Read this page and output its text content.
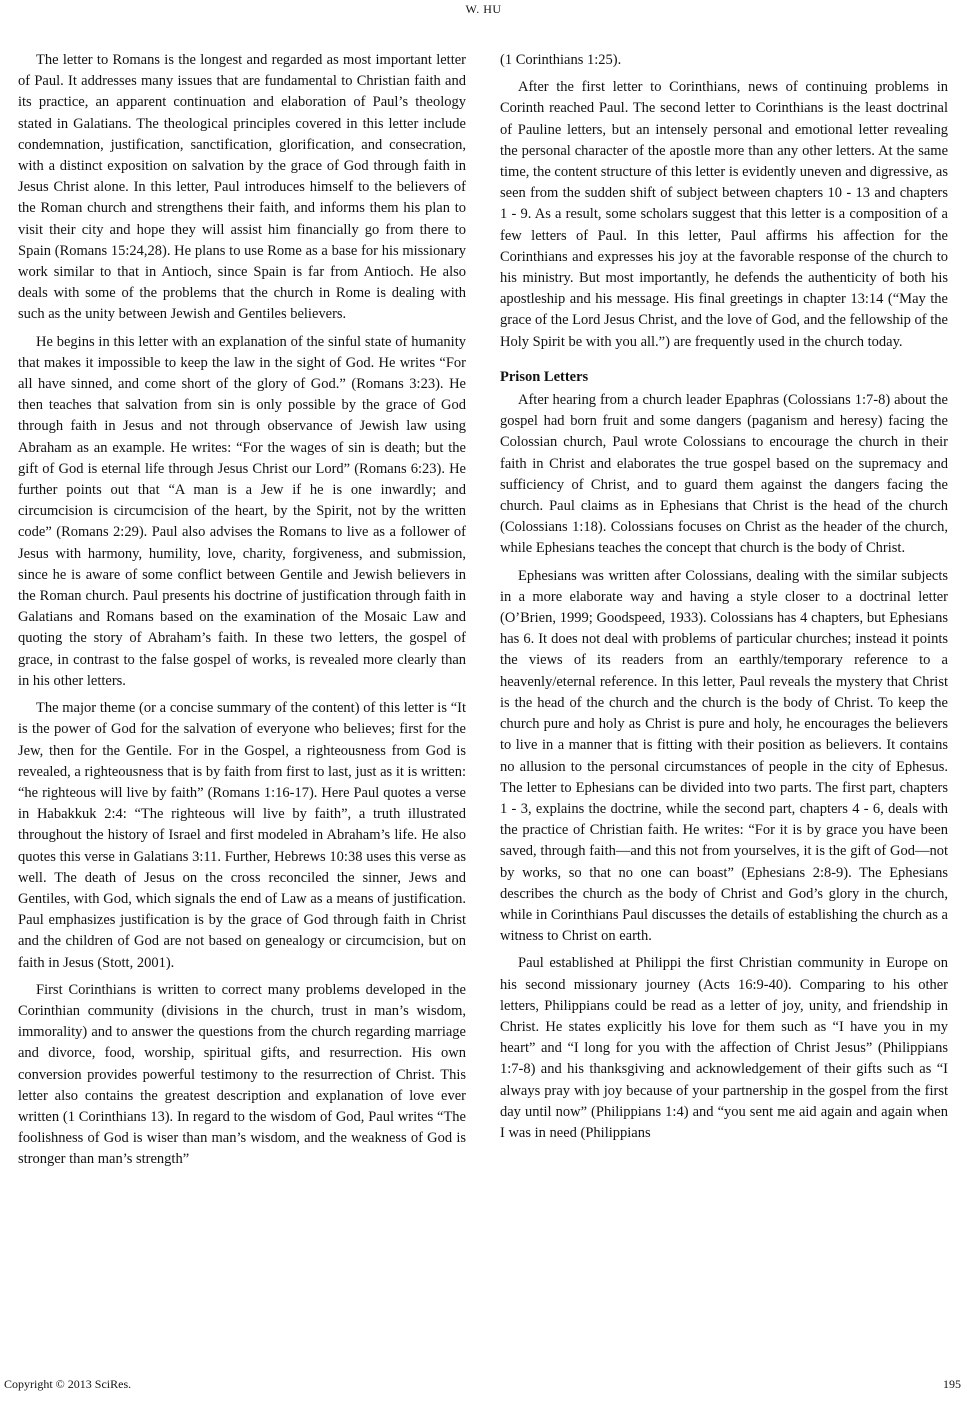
W. HU

The letter to Romans is the longest and regarded as most important letter of Paul. It addresses many issues that are fundamental to Christian faith and its practice, an apparent continuation and elaboration of Paul’s theology stated in Galatians. The theological principles covered in this letter include condemnation, justification, sanctification, glorification, and consecration, with a distinct exposition on salvation by the grace of God through faith in Jesus Christ alone. In this letter, Paul introduces himself to the believers of the Roman church and strengthens their faith, and informs them his plan to visit their city and hope they will assist him financially go from there to Spain (Romans 15:24,28). He plans to use Rome as a base for his missionary work similar to that in Antioch, since Spain is far from Antioch. He also deals with some of the problems that the church in Rome is dealing with such as the unity between Jewish and Gentiles believers.

He begins in this letter with an explanation of the sinful state of humanity that makes it impossible to keep the law in the sight of God. He writes “For all have sinned, and come short of the glory of God.” (Romans 3:23). He then teaches that salvation from sin is only possible by the grace of God through faith in Jesus and not through observance of Jewish law using Abraham as an example. He writes: “For the wages of sin is death; but the gift of God is eternal life through Jesus Christ our Lord” (Romans 6:23). He further points out that “A man is a Jew if he is one inwardly; and circumcision is circumcision of the heart, by the Spirit, not by the written code” (Romans 2:29). Paul also advises the Romans to live as a follower of Jesus with harmony, humility, love, charity, forgiveness, and submission, since he is aware of some conflict between Gentile and Jewish believers in the Roman church. Paul presents his doctrine of justification through faith in Galatians and Romans based on the examination of the Mosaic Law and quoting the story of Abraham’s faith. In these two letters, the gospel of grace, in contrast to the false gospel of works, is revealed more clearly than in his other letters.

The major theme (or a concise summary of the content) of this letter is “It is the power of God for the salvation of everyone who believes; first for the Jew, then for the Gentile. For in the Gospel, a righteousness from God is revealed, a righteousness that is by faith from first to last, just as it is written: “he righteous will live by faith” (Romans 1:16-17). Here Paul quotes a verse in Habakkuk 2:4: “The righteous will live by faith”, a truth illustrated throughout the history of Israel and first modeled in Abraham’s life. He also quotes this verse in Galatians 3:11. Further, Hebrews 10:38 uses this verse as well. The death of Jesus on the cross reconciled the sinner, Jews and Gentiles, with God, which signals the end of Law as a means of justification. Paul emphasizes justification is by the grace of God through faith in Christ and the children of God are not based on genealogy or circumcision, but on faith in Jesus (Stott, 2001).

First Corinthians is written to correct many problems developed in the Corinthian community (divisions in the church, trust in man’s wisdom, immorality) and to answer the questions from the church regarding marriage and divorce, food, worship, spiritual gifts, and resurrection. His own conversion provides powerful testimony to the resurrection of Christ. This letter also contains the greatest description and explanation of love ever written (1 Corinthians 13). In regard to the wisdom of God, Paul writes “The foolishness of God is wiser than man’s wisdom, and the weakness of God is stronger than man’s strength”

(1 Corinthians 1:25).

After the first letter to Corinthians, news of continuing problems in Corinth reached Paul. The second letter to Corinthians is the least doctrinal of Pauline letters, but an intensely personal and emotional letter revealing the personal character of the apostle more than any other letters. At the same time, the content structure of this letter is evidently uneven and digressive, as seen from the sudden shift of subject between chapters 10 - 13 and chapters 1 - 9. As a result, some scholars suggest that this letter is a composition of a few letters of Paul. In this letter, Paul affirms his affection for the Corinthians and expresses his joy at the favorable response of the church to his ministry. But most importantly, he defends the authenticity of both his apostleship and his message. His final greetings in chapter 13:14 (“May the grace of the Lord Jesus Christ, and the love of God, and the fellowship of the Holy Spirit be with you all.”) are frequently used in the church today.

Prison Letters

After hearing from a church leader Epaphras (Colossians 1:7-8) about the gospel had born fruit and some dangers (paganism and heresy) facing the Colossian church, Paul wrote Colossians to encourage the church in their faith in Christ and elaborates the true gospel based on the supremacy and sufficiency of Christ, and to guard them against the dangers facing the church. Paul claims as in Ephesians that Christ is the head of the church (Colossians 1:18). Colossians focuses on Christ as the header of the church, while Ephesians teaches the concept that church is the body of Christ.

Ephesians was written after Colossians, dealing with the similar subjects in a more elaborate way and having a style closer to a doctrinal letter (O’Brien, 1999; Goodspeed, 1933). Colossians has 4 chapters, but Ephesians has 6. It does not deal with problems of particular churches; instead it points the views of its readers from an earthly/temporary reference to a heavenly/eternal reference. In this letter, Paul reveals the mystery that Christ is the head of the church and the church is the body of Christ. To keep the church pure and holy as Christ is pure and holy, he encourages the believers to live in a manner that is fitting with their position as believers. It contains no allusion to the personal circumstances of people in the city of Ephesus. The letter to Ephesians can be divided into two parts. The first part, chapters 1 - 3, explains the doctrine, while the second part, chapters 4 - 6, deals with the practice of Christian faith. He writes: “For it is by grace you have been saved, through faith—and this not from yourselves, it is the gift of God—not by works, so that no one can boast” (Ephesians 2:8-9). The Ephesians describes the church as the body of Christ and God’s glory in the church, while in Corinthians Paul discusses the details of establishing the church as a witness to Christ on earth.

Paul established at Philippi the first Christian community in Europe on his second missionary journey (Acts 16:9-40). Comparing to his other letters, Philippians could be read as a letter of joy, unity, and friendship in Christ. He states explicitly his love for them such as “I have you in my heart” and “I long for you with the affection of Christ Jesus” (Philippians 1:7-8) and his thanksgiving and acknowledgement of their gifts such as “I always pray with joy because of your partnership in the gospel from the first day until now” (Philippians 1:4) and “you sent me aid again and again when I was in need (Philippians

Copyright © 2013 SciRes.	195
